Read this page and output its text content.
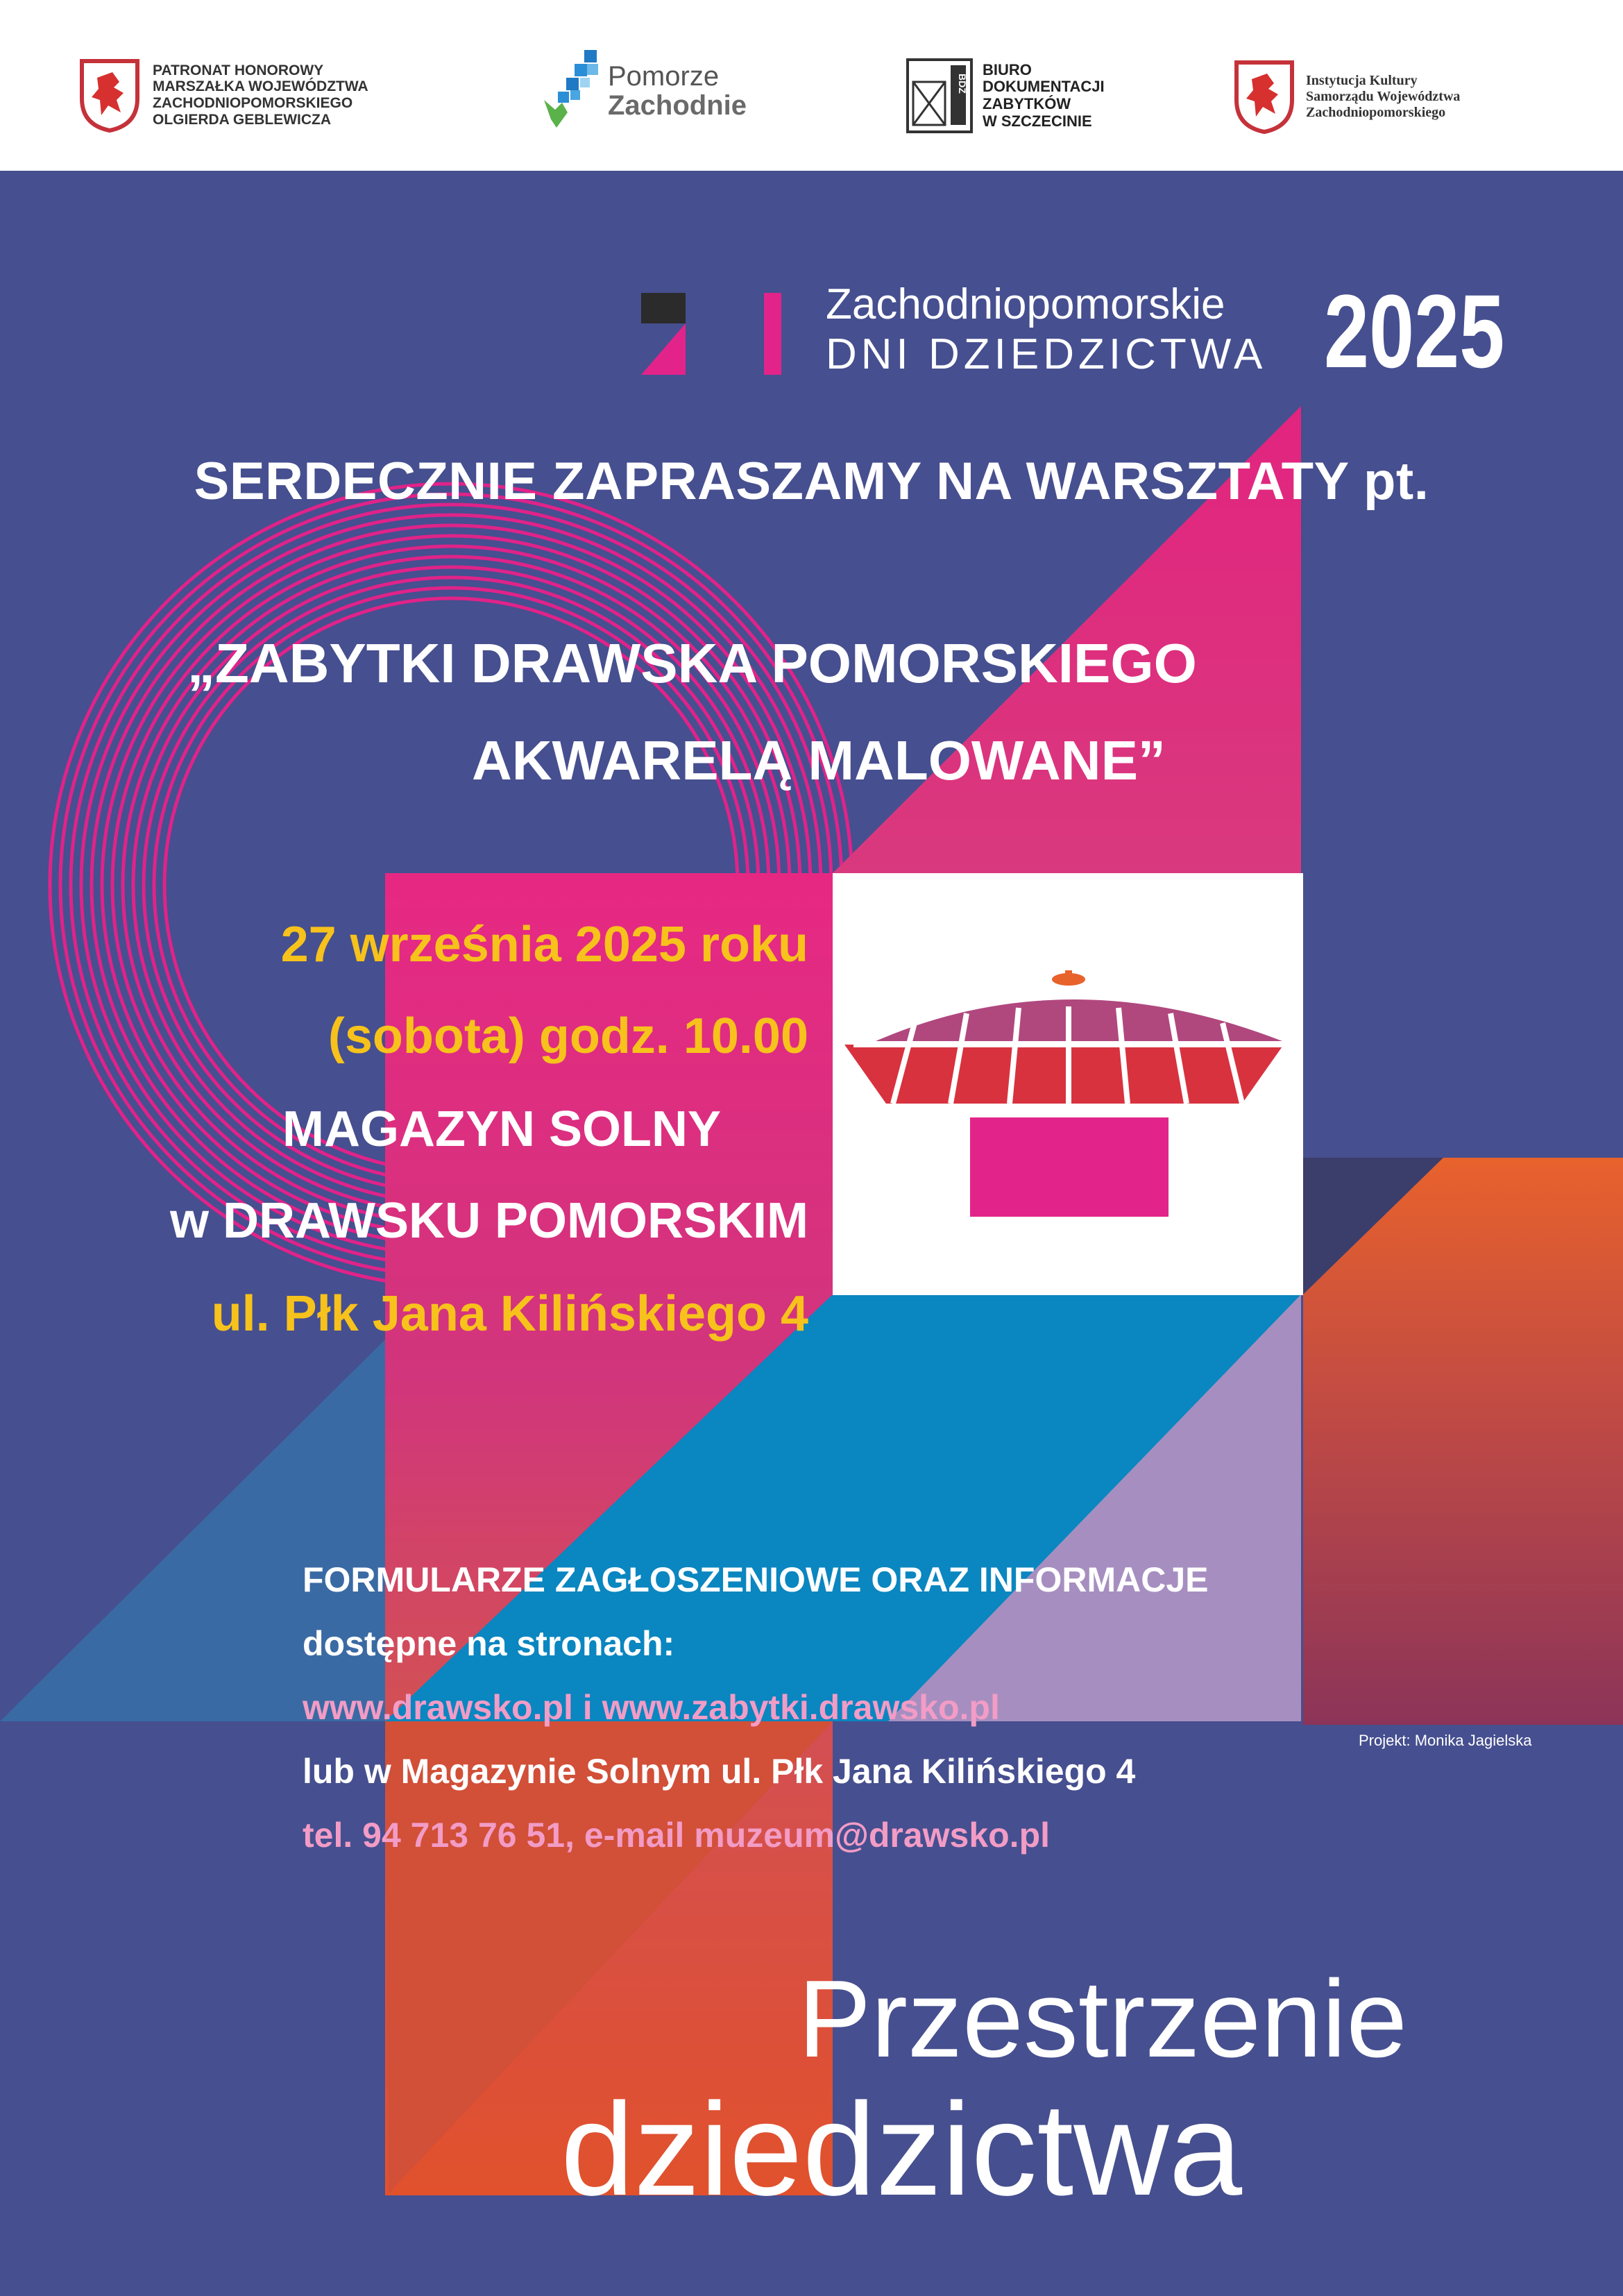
PATRONAT HONOROWY
MARSZAŁKA WOJEWÓDZTWA
ZACHODNIOPOMORSKIEGO
OLGIERDA GEBLEWICZA
Pomorze
Zachodnie
BDZ
BIURO
DOKUMENTACJI
ZABYTKÓW
W SZCZECINIE
Instytucja Kultury
Samorządu Województwa
Zachodniopomorskiego
Zachodniopomorskie
DNI DZIEDZICTWA 2025
SERDECZNIE ZAPRASZAMY NA WARSZTATY pt.
„ZABYTKI DRAWSKA POMORSKIEGO
AKWARELĄ MALOWANE”
27 września 2025 roku
(sobota) godz. 10.00
MAGAZYN SOLNY
w DRAWSKU POMORSKIM
ul. Płk Jana Kilińskiego 4
FORMULARZE ZAGŁOSZENIOWE ORAZ INFORMACJE
dostępne na stronach:
www.drawsko.pl i www.zabytki.drawsko.pl
lub w Magazynie Solnym ul. Płk Jana Kilińskiego 4
tel. 94 713 76 51, e-mail muzeum@drawsko.pl
Projekt: Monika Jagielska
Przestrzenie
dziedzictwa
